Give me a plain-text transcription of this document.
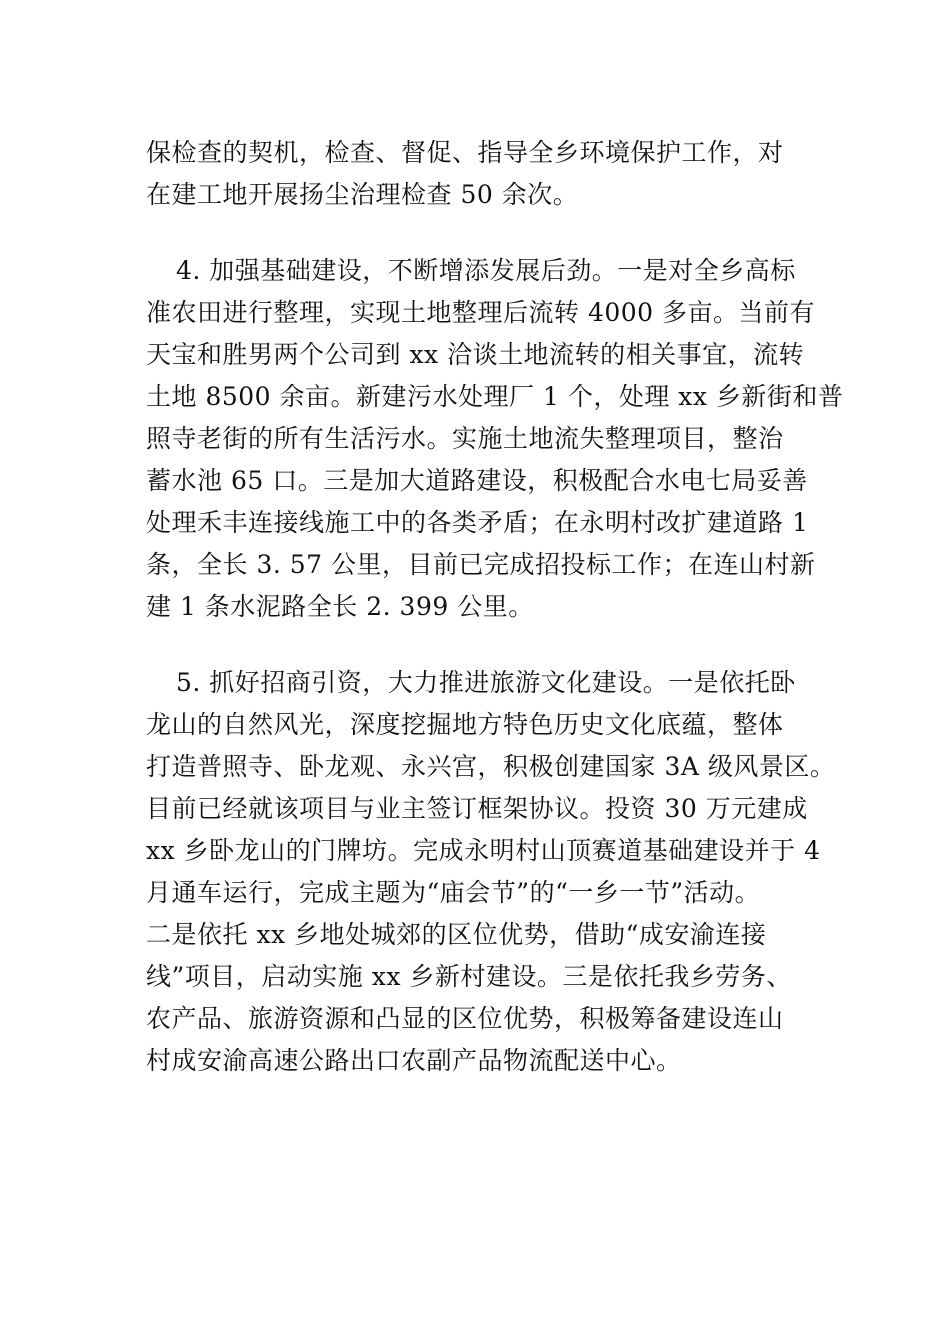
保检查的契机，检查、督促、指导全乡环境保护工作，对
在建工地开展扬尘治理检查 50 余次。
4. 加强基础建设，不断增添发展后劲。一是对全乡高标
准农田进行整理，实现土地整理后流转 4000 多亩。当前有
天宝和胜男两个公司到 xx 洽谈土地流转的相关事宜，流转
土地 8500 余亩。新建污水处理厂 1 个，处理 xx 乡新街和普
照寺老街的所有生活污水。实施土地流失整理项目，整治
蓄水池 65 口。三是加大道路建设，积极配合水电七局妥善
处理禾丰连接线施工中的各类矛盾；在永明村改扩建道路 1
条，全长 3. 57 公里，目前已完成招投标工作；在连山村新
建 1 条水泥路全长 2. 399 公里。
5. 抓好招商引资，大力推进旅游文化建设。一是依托卧
龙山的自然风光，深度挖掘地方特色历史文化底蕴，整体
打造普照寺、卧龙观、永兴宫，积极创建国家 3A 级风景区。
目前已经就该项目与业主签订框架协议。投资 30 万元建成
xx 乡卧龙山的门牌坊。完成永明村山顶赛道基础建设并于 4
月通车运行，完成主题为“庙会节”的“一乡一节”活动。
二是依托 xx 乡地处城郊的区位优势，借助“成安渝连接
线”项目，启动实施 xx 乡新村建设。三是依托我乡劳务、
农产品、旅游资源和凸显的区位优势，积极筹备建设连山
村成安渝高速公路出口农副产品物流配送中心。
